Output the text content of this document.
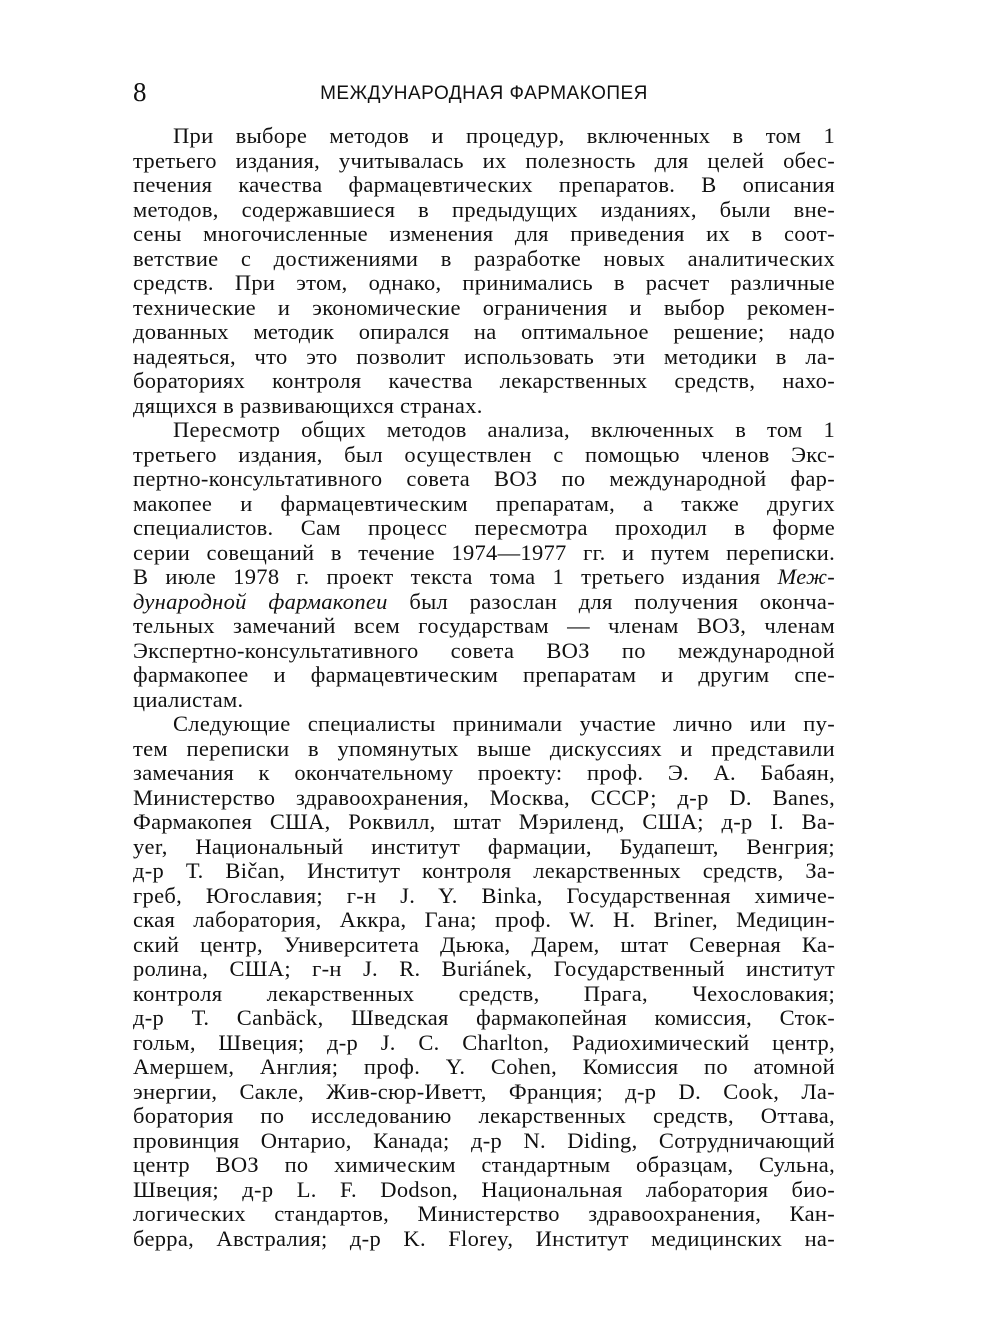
8	МЕЖДУНАРОДНАЯ ФАРМАКОПЕЯ
При выборе методов и процедур, включенных в том 1
третьего издания, учитывалась их полезность для целей обес-
печения качества фармацевтических препаратов. В описания
методов, содержавшиеся в предыдущих изданиях, были вне-
сены многочисленные изменения для приведения их в соот-
ветствие с достижениями в разработке новых аналитических
средств. При этом, однако, принимались в расчет различные
технические и экономические ограничения и выбор рекомен-
дованных методик опирался на оптимальное решение; надо
надеяться, что это позволит использовать эти методики в ла-
бораториях контроля качества лекарственных средств, нахо-
дящихся в развивающихся странах.
Пересмотр общих методов анализа, включенных в том 1
третьего издания, был осуществлен с помощью членов Экс-
пертно-консультативного совета ВОЗ по международной фар-
макопее и фармацевтическим препаратам, а также других
специалистов. Сам процесс пересмотра проходил в форме
серии совещаний в течение 1974—1977 гг. и путем переписки.
В июле 1978 г. проект текста тома 1 третьего издания Меж-
дународной фармакопеи был разослан для получения оконча-
тельных замечаний всем государствам — членам ВОЗ, членам
Экспертно-консультативного совета ВОЗ по международной
фармакопее и фармацевтическим препаратам и другим спе-
циалистам.
Следующие специалисты принимали участие лично или пу-
тем переписки в упомянутых выше дискуссиях и представили
замечания к окончательному проекту: проф. Э. А. Бабаян,
Министерство здравоохранения, Москва, СССР; д-р D. Banes,
Фармакопея США, Роквилл, штат Мэриленд, США; д-р I. Ba-
yer, Национальный институт фармации, Будапешт, Венгрия;
д-р Т. Bičan, Институт контроля лекарственных средств, За-
греб, Югославия; г-н J. Y. Binka, Государственная химиче-
ская лаборатория, Аккра, Гана; проф. W. H. Briner, Медицин-
ский центр, Университета Дьюка, Дарем, штат Северная Ка-
ролина, США; г-н J. R. Buriánek, Государственный институт
контроля лекарственных средств, Прага, Чехословакия;
д-р Т. Canbäck, Шведская фармакопейная комиссия, Сток-
гольм, Швеция; д-р J. C. Charlton, Радиохимический центр,
Амершем, Англия; проф. Y. Cohen, Комиссия по атомной
энергии, Сакле, Жив-сюр-Иветт, Франция; д-р D. Cook, Ла-
боратория по исследованию лекарственных средств, Оттава,
провинция Онтарио, Канада; д-р N. Diding, Сотрудничающий
центр ВОЗ по химическим стандартным образцам, Сульна,
Швеция; д-р L. F. Dodson, Национальная лаборатория био-
логических стандартов, Министерство здравоохранения, Кан-
берра, Австралия; д-р K. Florey, Институт медицинских на-
